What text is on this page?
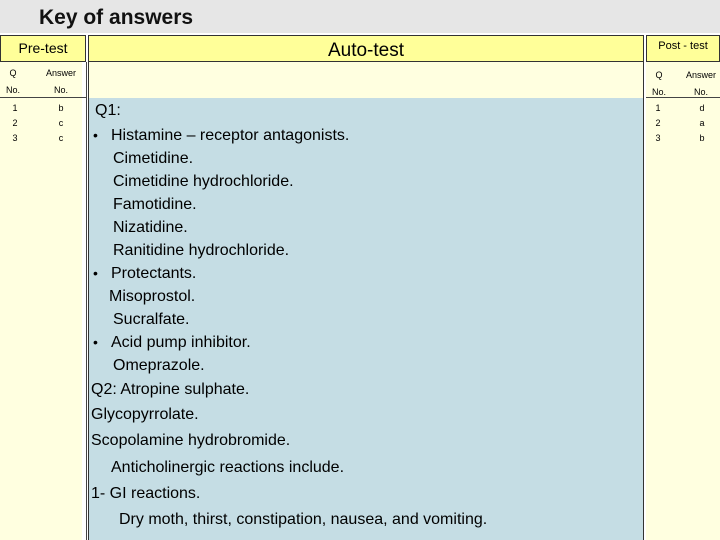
Key of answers
Pre-test
Q
No.
Answer
No.
1
2
3
b
c
c
Auto-test
Q1:
• Histamine – receptor antagonists.
Cimetidine.
Cimetidine hydrochloride.
Famotidine.
Nizatidine.
Ranitidine hydrochloride.
• Protectants.
Misoprostol.
Sucralfate.
• Acid pump inhibitor.
Omeprazole.
Q2: Atropine sulphate.
Glycopyrrolate.
Scopolamine hydrobromide.
Anticholinergic reactions include.
1- GI reactions.
Dry moth, thirst, constipation, nausea, and vomiting.
Post - test
Q
No.
Answer
No.
1
2
3
d
a
b
